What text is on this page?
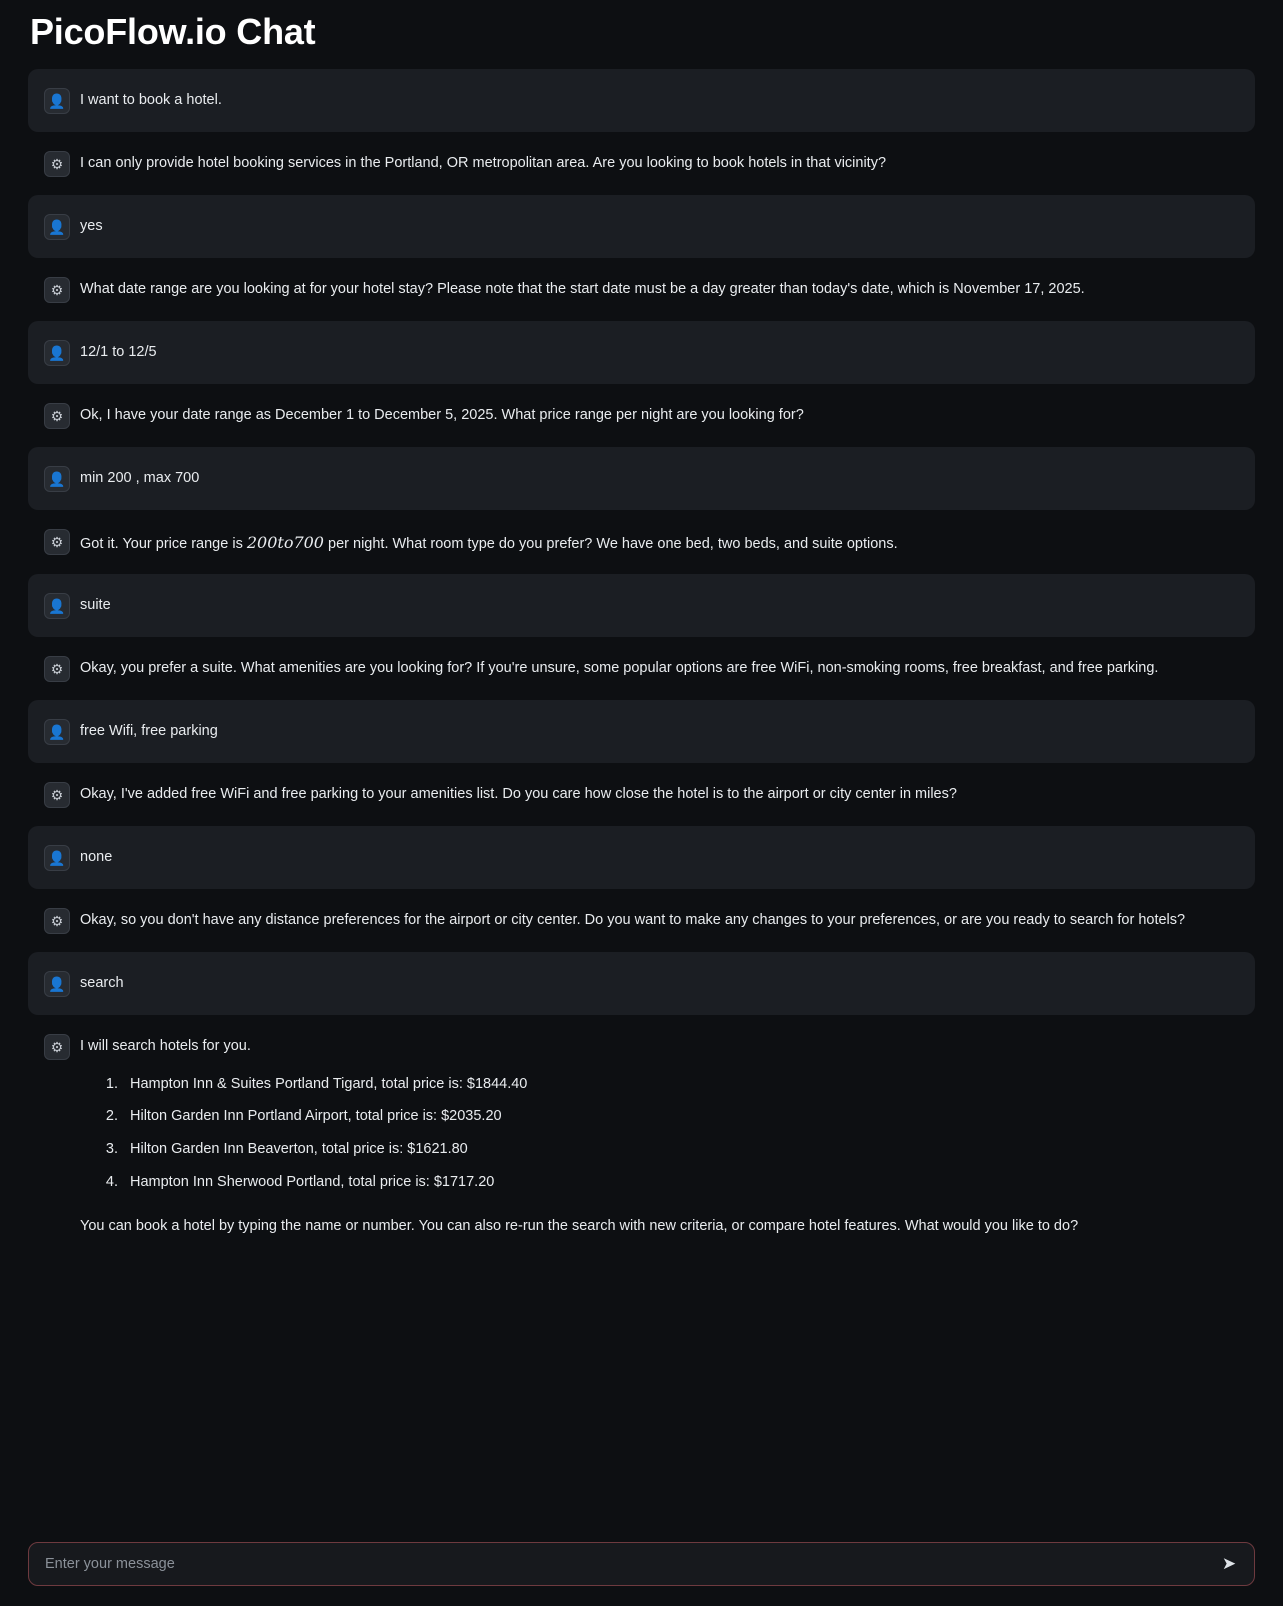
PicoFlow.io Chat
👤 I want to book a hotel.

⚙	I can only provide hotel booking services in the Portland, OR metropolitan area. Are you looking to book hotels in that vicinity?

👤 yes

⚙	What date range are you looking at for your hotel stay? Please note that the start date must be a day greater than today's date, which is November 17, 2025.

👤 12/1 to 12/5

⚙	Ok, I have your date range as December 1 to December 5, 2025. What price range per night are you looking for?

👤 min 200 , max 700

⚙	Got it. Your price range is 200to700 per night. What room type do you prefer? We have one bed, two beds, and suite options.

👤 suite

⚙	Okay, you prefer a suite. What amenities are you looking for? If you're unsure, some popular options are free WiFi, non-smoking rooms, free breakfast, and free parking.

👤 free Wifi, free parking

⚙	Okay, I've added free WiFi and free parking to your amenities list. Do you care how close the hotel is to the airport or city center in miles?

👤 none

⚙	Okay, so you don't have any distance preferences for the airport or city center. Do you want to make any changes to your preferences, or are you ready to search for hotels?

👤 search

⚙	I will search hotels for you.

1. Hampton Inn & Suites Portland Tigard, total price is: $1844.40
2. Hilton Garden Inn Portland Airport, total price is: $2035.20
3. Hilton Garden Inn Beaverton, total price is: $1621.80
4. Hampton Inn Sherwood Portland, total price is: $1717.20

You can book a hotel by typing the name or number. You can also re-run the search with new criteria, or compare hotel features. What would you like to do?

Enter your message
➤
